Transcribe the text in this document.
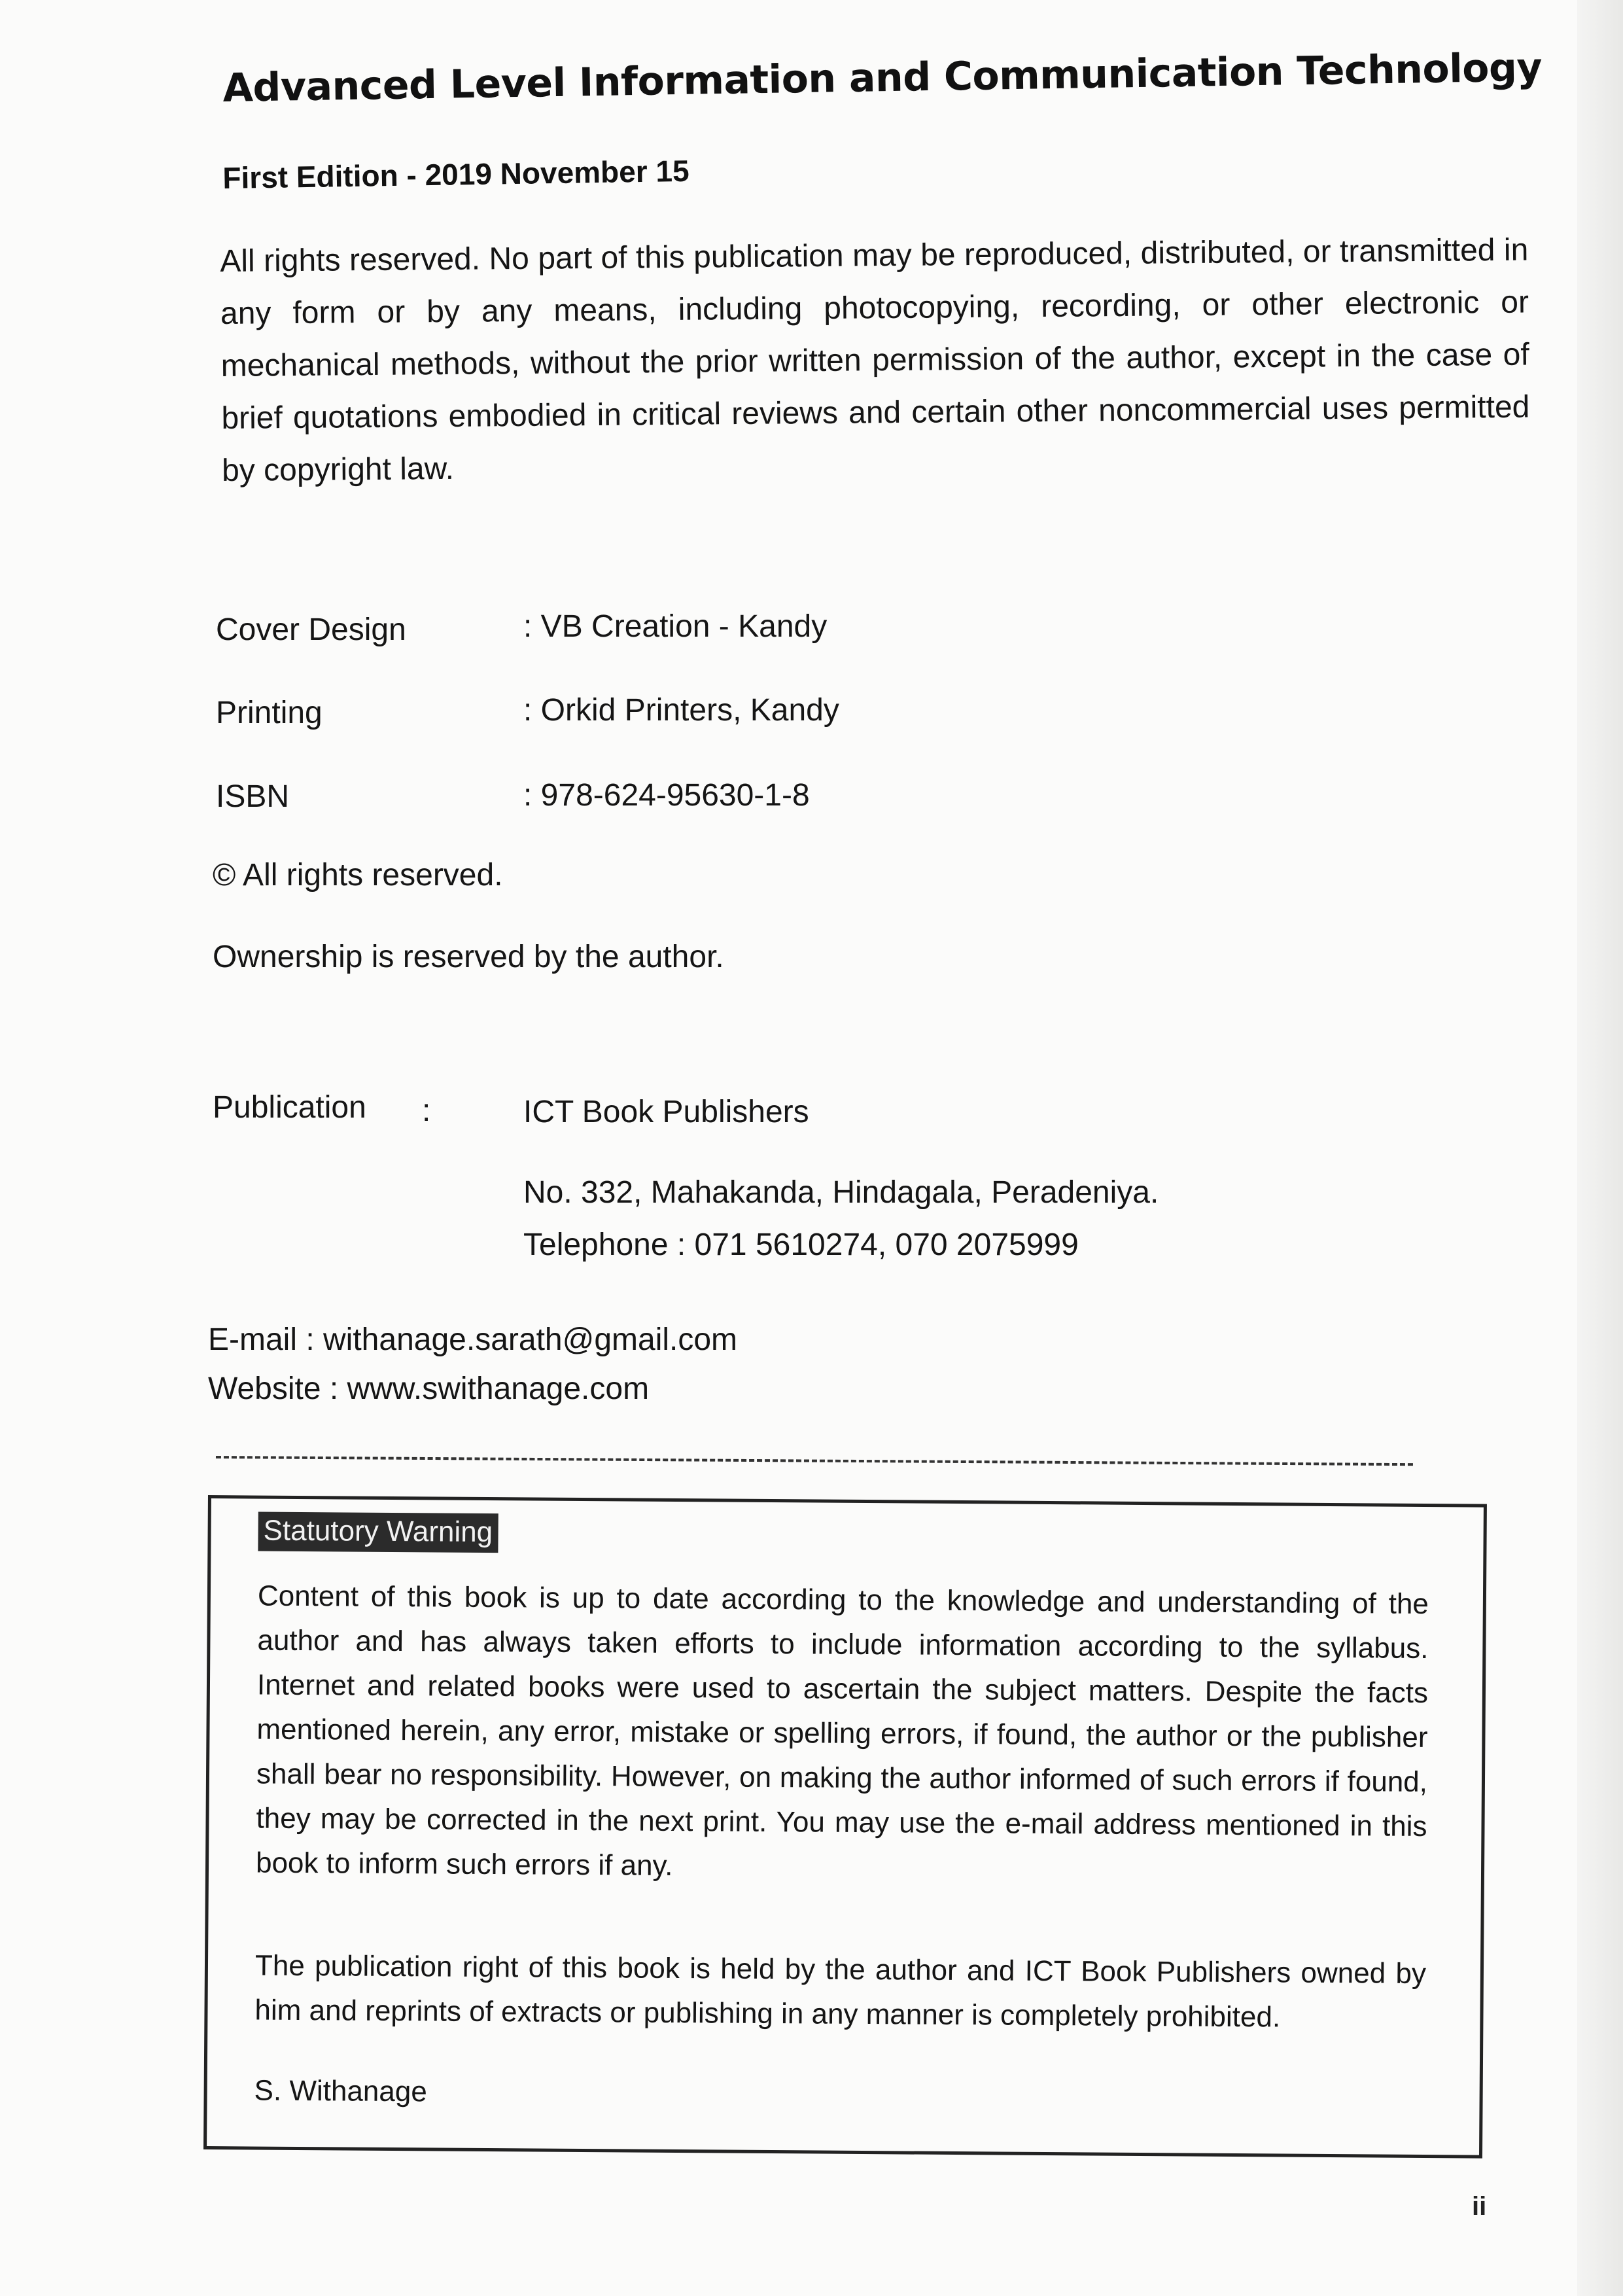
Advanced Level Information and Communication Technology
First Edition - 2019 November 15
All rights reserved. No part of this publication may be reproduced, distributed, or transmitted in any form or by any means, including photocopying, recording, or other electronic or mechanical methods, without the prior written permission of the author, except in the case of brief quotations embodied in critical reviews and certain other noncommercial uses permitted by copyright law.
Cover Design	: VB Creation - Kandy
Printing	: Orkid Printers, Kandy
ISBN	: 978-624-95630-1-8
© All rights reserved.
Ownership is reserved by the author.
Publication :	ICT Book Publishers
No. 332, Mahakanda, Hindagala, Peradeniya.
Telephone : 071 5610274, 070 2075999
E-mail : withanage.sarath@gmail.com
Website : www.swithanage.com
Statutory Warning
Content of this book is up to date according to the knowledge and understanding of the author and has always taken efforts to include information according to the syllabus. Internet and related books were used to ascertain the subject matters. Despite the facts mentioned herein, any error, mistake or spelling errors, if found, the author or the publisher shall bear no responsibility. However, on making the author informed of such errors if found, they may be corrected in the next print. You may use the e-mail address mentioned in this book to inform such errors if any.
The publication right of this book is held by the author and ICT Book Publishers owned by him and reprints of extracts or publishing in any manner is completely prohibited.
S. Withanage
ii
